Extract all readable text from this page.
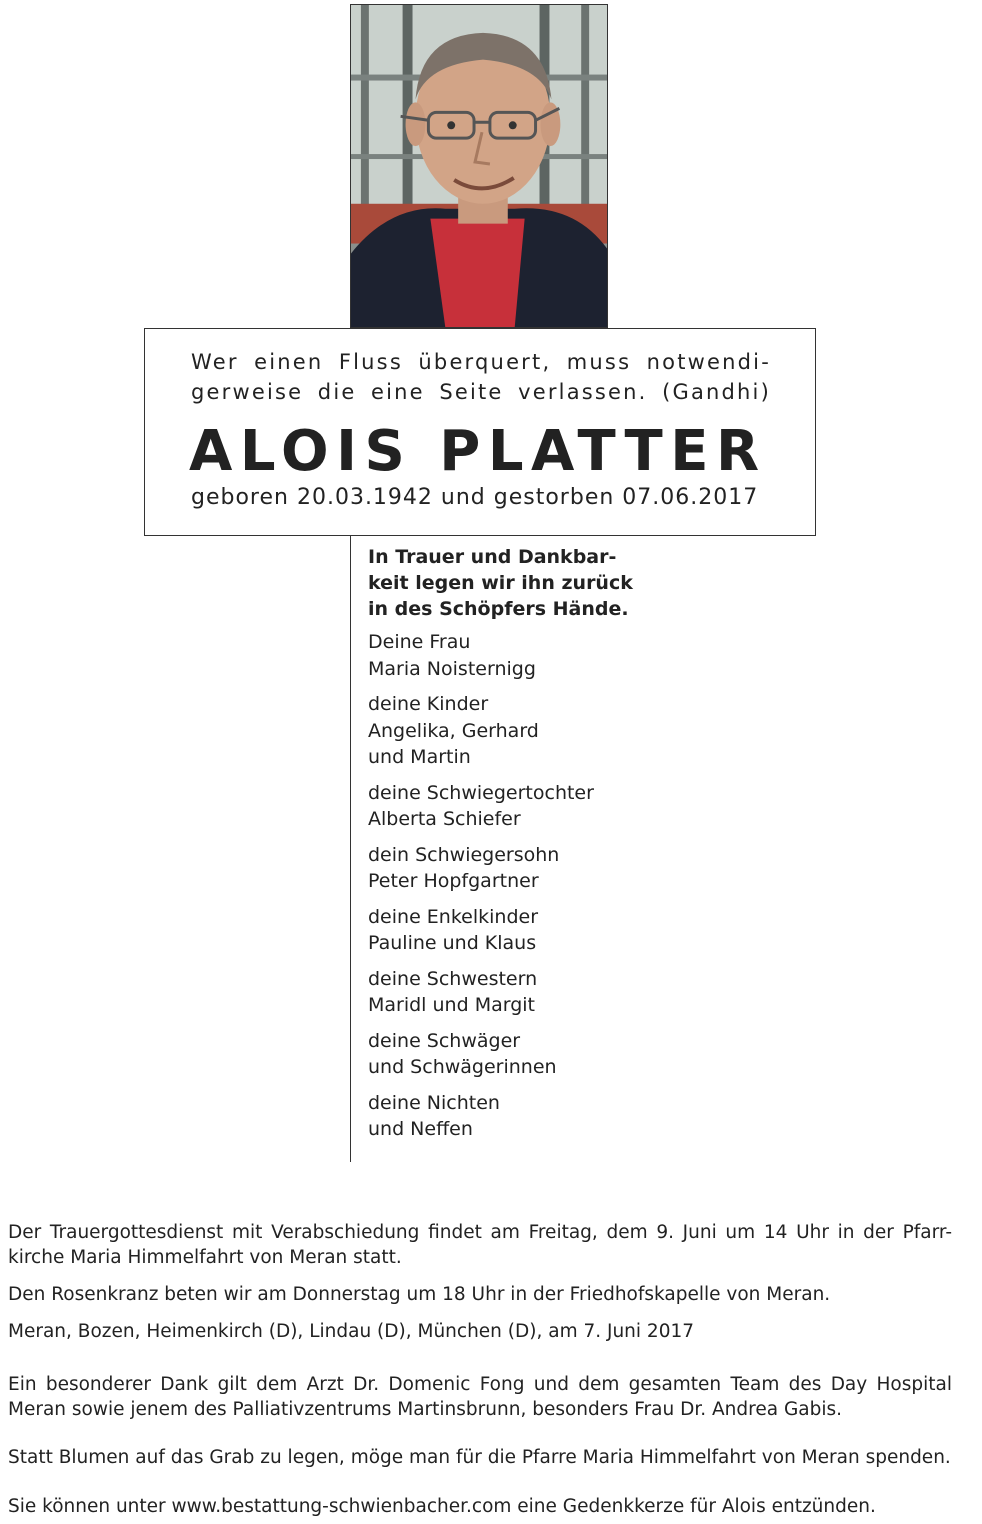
Wer einen Fluss überquert, muss notwendi-
gerweise die eine Seite verlassen. (Gandhi)
ALOIS PLATTER
geboren 20.03.1942 und gestorben 07.06.2017
In Trauer und Dankbar-
keit legen wir ihn zurück
in des Schöpfers Hände.
Deine Frau
Maria Noisternigg
deine Kinder
Angelika, Gerhard
und Martin
deine Schwiegertochter
Alberta Schiefer
dein Schwiegersohn
Peter Hopfgartner
deine Enkelkinder
Pauline und Klaus
deine Schwestern
Maridl und Margit
deine Schwäger
und Schwägerinnen
deine Nichten
und Neffen

Der Trauergottesdienst mit Verabschiedung findet am Freitag, dem 9. Juni um 14 Uhr in der Pfarr-

kirche Maria Himmelfahrt von Meran statt.

Den Rosenkranz beten wir am Donnerstag um 18 Uhr in der Friedhofskapelle von Meran.

Meran, Bozen, Heimenkirch (D), Lindau (D), München (D), am 7. Juni 2017

Ein besonderer Dank gilt dem Arzt Dr. Domenic Fong und dem gesamten Team des Day Hospital

Meran sowie jenem des Palliativzentrums Martinsbrunn, besonders Frau Dr. Andrea Gabis.

Statt Blumen auf das Grab zu legen, möge man für die Pfarre Maria Himmelfahrt von Meran spenden.

Sie können unter www.bestattung-schwienbacher.com eine Gedenkkerze für Alois entzünden.
